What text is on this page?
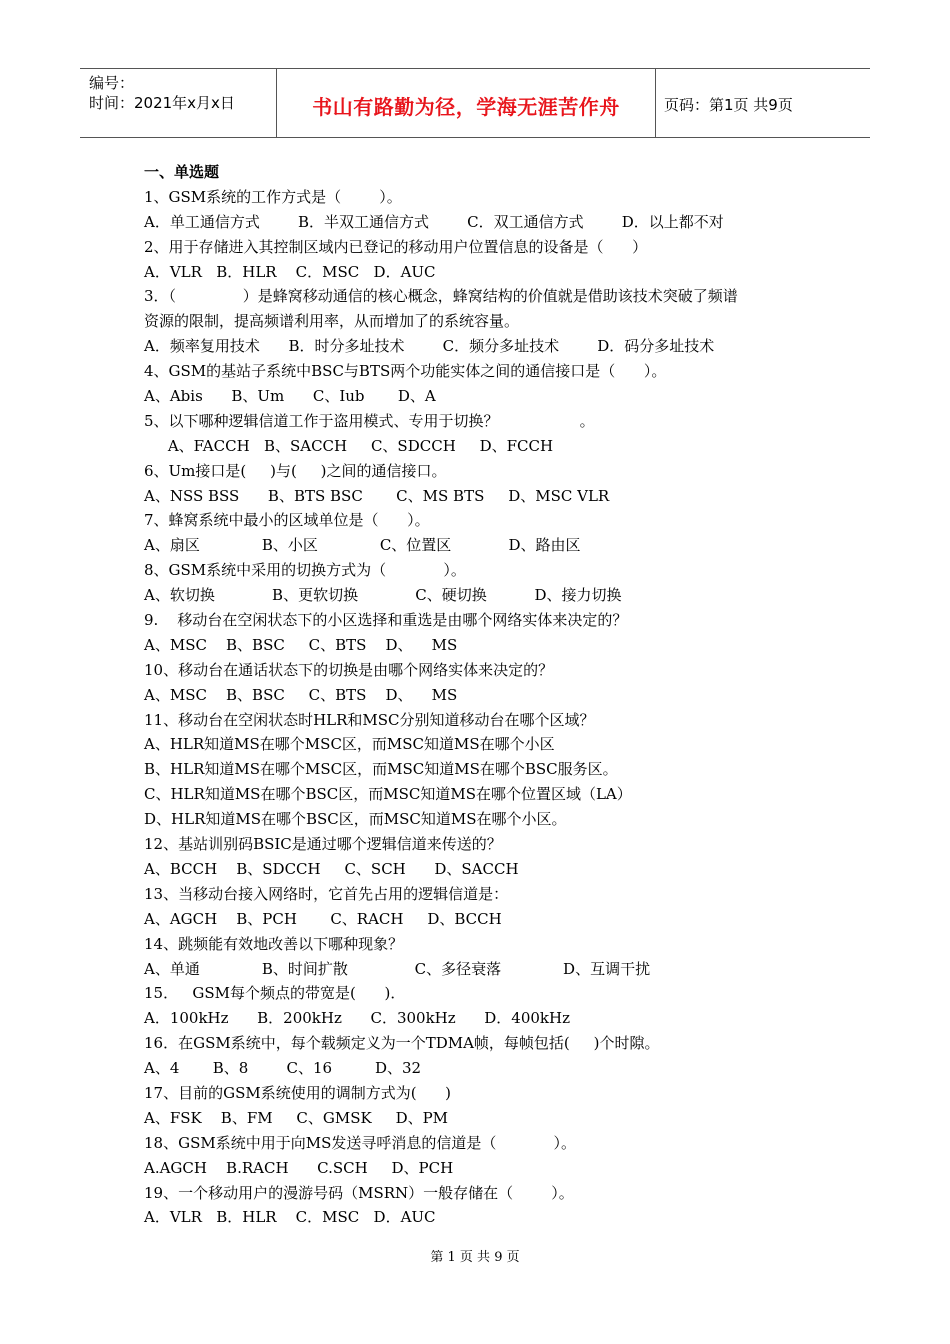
编号：
时间：2021年x月x日	书山有路勤为径，学海无涯苦作舟	页码：第1页 共9页
一、单选题
1、GSM系统的工作方式是（        ）。
A．单工通信方式        B．半双工通信方式        C．双工通信方式        D．以上都不对
2、用于存储进入其控制区域内已登记的移动用户位置信息的设备是（      ）
A．VLR   B．HLR    C．MSC   D．AUC
3．（              ）是蜂窝移动通信的核心概念，蜂窝结构的价值就是借助该技术突破了频谱
资源的限制，提高频谱利用率，从而增加了的系统容量。
A．频率复用技术      B．时分多址技术        C．频分多址技术        D．码分多址技术
4、GSM的基站子系统中BSC与BTS两个功能实体之间的通信接口是（      ）。
A、Abis      B、Um      C、Iub       D、A
5、以下哪种逻辑信道工作于盗用模式、专用于切换？                 。
A、FACCH   B、SACCH     C、SDCCH     D、FCCH
6、Um接口是(     )与(     )之间的通信接口。
A、NSS BSS      B、BTS BSC       C、MS BTS     D、MSC VLR
7、蜂窝系统中最小的区域单位是（      ）。
A、扇区             B、小区             C、位置区            D、路由区
8、GSM系统中采用的切换方式为（            ）。
A、软切换            B、更软切换            C、硬切换          D、接力切换
9.    移动台在空闲状态下的小区选择和重选是由哪个网络实体来决定的？
A、MSC    B、BSC     C、BTS    D、    MS
10、移动台在通话状态下的切换是由哪个网络实体来决定的？
A、MSC    B、BSC     C、BTS    D、    MS
11、移动台在空闲状态时HLR和MSC分别知道移动台在哪个区域？
A、HLR知道MS在哪个MSC区，而MSC知道MS在哪个小区
B、HLR知道MS在哪个MSC区，而MSC知道MS在哪个BSC服务区。
C、HLR知道MS在哪个BSC区，而MSC知道MS在哪个位置区域（LA）
D、HLR知道MS在哪个BSC区，而MSC知道MS在哪个小区。
12、基站训别码BSIC是通过哪个逻辑信道来传送的？
A、BCCH    B、SDCCH     C、SCH      D、SACCH
13、当移动台接入网络时，它首先占用的逻辑信道是：
A、AGCH    B、PCH       C、RACH     D、BCCH
14、跳频能有效地改善以下哪种现象？
A、单通             B、时间扩散              C、多径衰落             D、互调干扰
15．   GSM每个频点的带宽是(      )．
A．100kHz      B．200kHz      C．300kHz      D．400kHz
16．在GSM系统中，每个载频定义为一个TDMA帧，每帧包括(     )个时隙。
A、4       B、8        C、16         D、32
17、目前的GSM系统使用的调制方式为(      )
A、FSK    B、FM     C、GMSK     D、PM
18、GSM系统中用于向MS发送寻呼消息的信道是（            ）。
A.AGCH    B.RACH      C.SCH     D、PCH
19、一个移动用户的漫游号码（MSRN）一般存储在（        ）。
A．VLR   B．HLR    C．MSC   D．AUC
第 1 页 共 9 页
